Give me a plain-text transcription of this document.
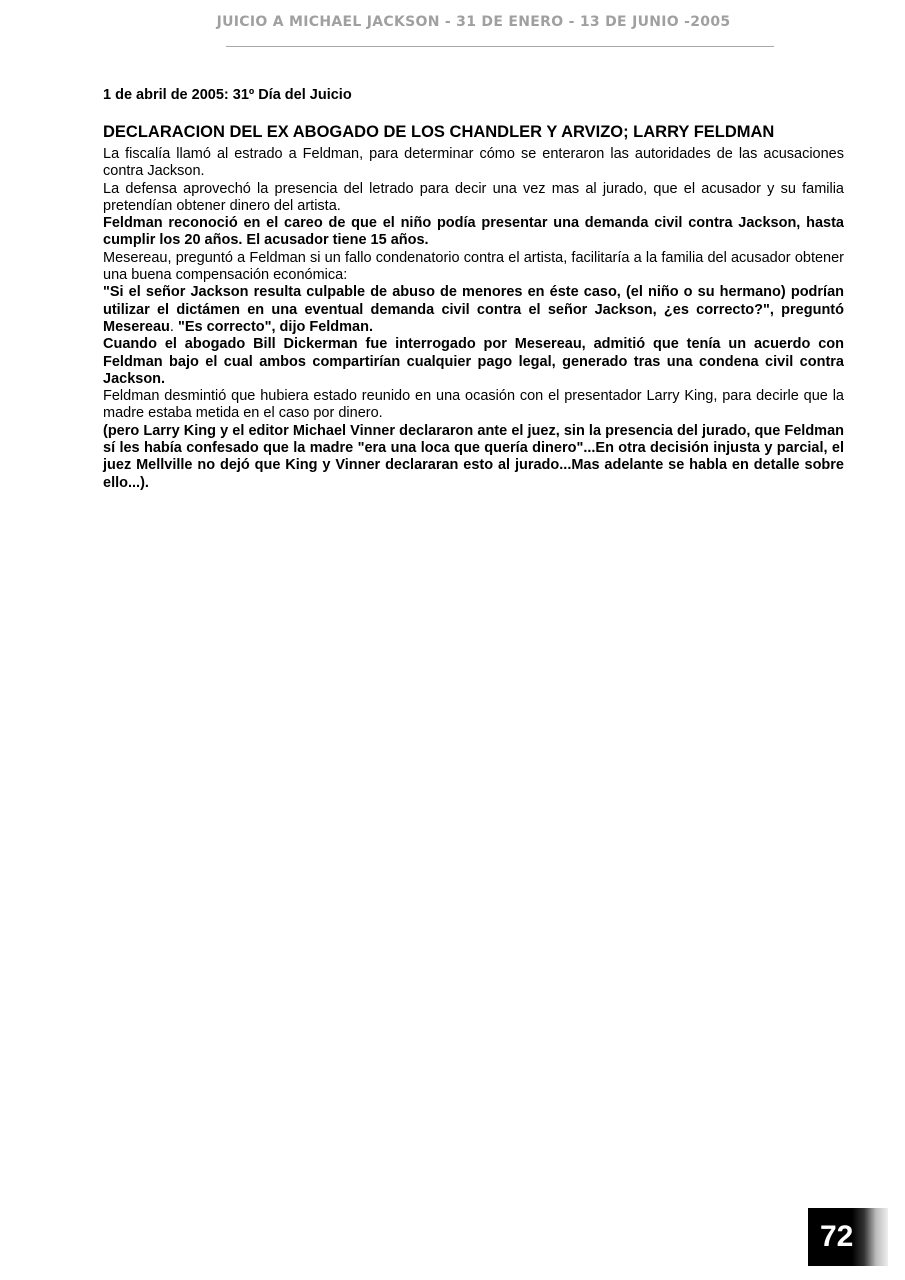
JUICIO A MICHAEL JACKSON - 31 DE ENERO - 13 DE JUNIO -2005
1 de abril de 2005: 31º Día del Juicio
DECLARACION DEL EX ABOGADO DE LOS CHANDLER Y ARVIZO; LARRY FELDMAN

La fiscalía llamó al estrado a Feldman, para determinar cómo se enteraron las autoridades de las acusaciones contra Jackson.

La defensa aprovechó la presencia del letrado para decir una vez mas al jurado, que el acusador y su familia pretendían obtener dinero del artista.

Feldman reconoció en el careo de que el niño podía presentar una demanda civil contra Jackson, hasta cumplir los 20 años. El acusador tiene 15 años.

Mesereau, preguntó a Feldman si un fallo condenatorio contra el artista, facilitaría a la familia del acusador obtener una buena compensación económica:

"Si el señor Jackson resulta culpable de abuso de menores en éste caso, (el niño o su hermano) podrían utilizar el dictámen en una eventual demanda civil contra el señor Jackson, ¿es correcto?", preguntó Mesereau. "Es correcto", dijo Feldman.

Cuando el abogado Bill Dickerman fue interrogado por Mesereau, admitió que tenía un acuerdo con Feldman bajo el cual ambos compartirían cualquier pago legal, generado tras una condena civil contra Jackson.

Feldman desmintió que hubiera estado reunido en una ocasión con el presentador Larry King, para decirle que la madre estaba metida en el caso por dinero.

(pero Larry King y el editor Michael Vinner declararon ante el juez, sin la presencia del jurado, que Feldman sí les había confesado que la madre "era una loca que quería dinero"...En otra decisión injusta y parcial, el juez Mellville no dejó que King y Vinner declararan esto al jurado...Mas adelante se habla en detalle sobre ello...).

72
